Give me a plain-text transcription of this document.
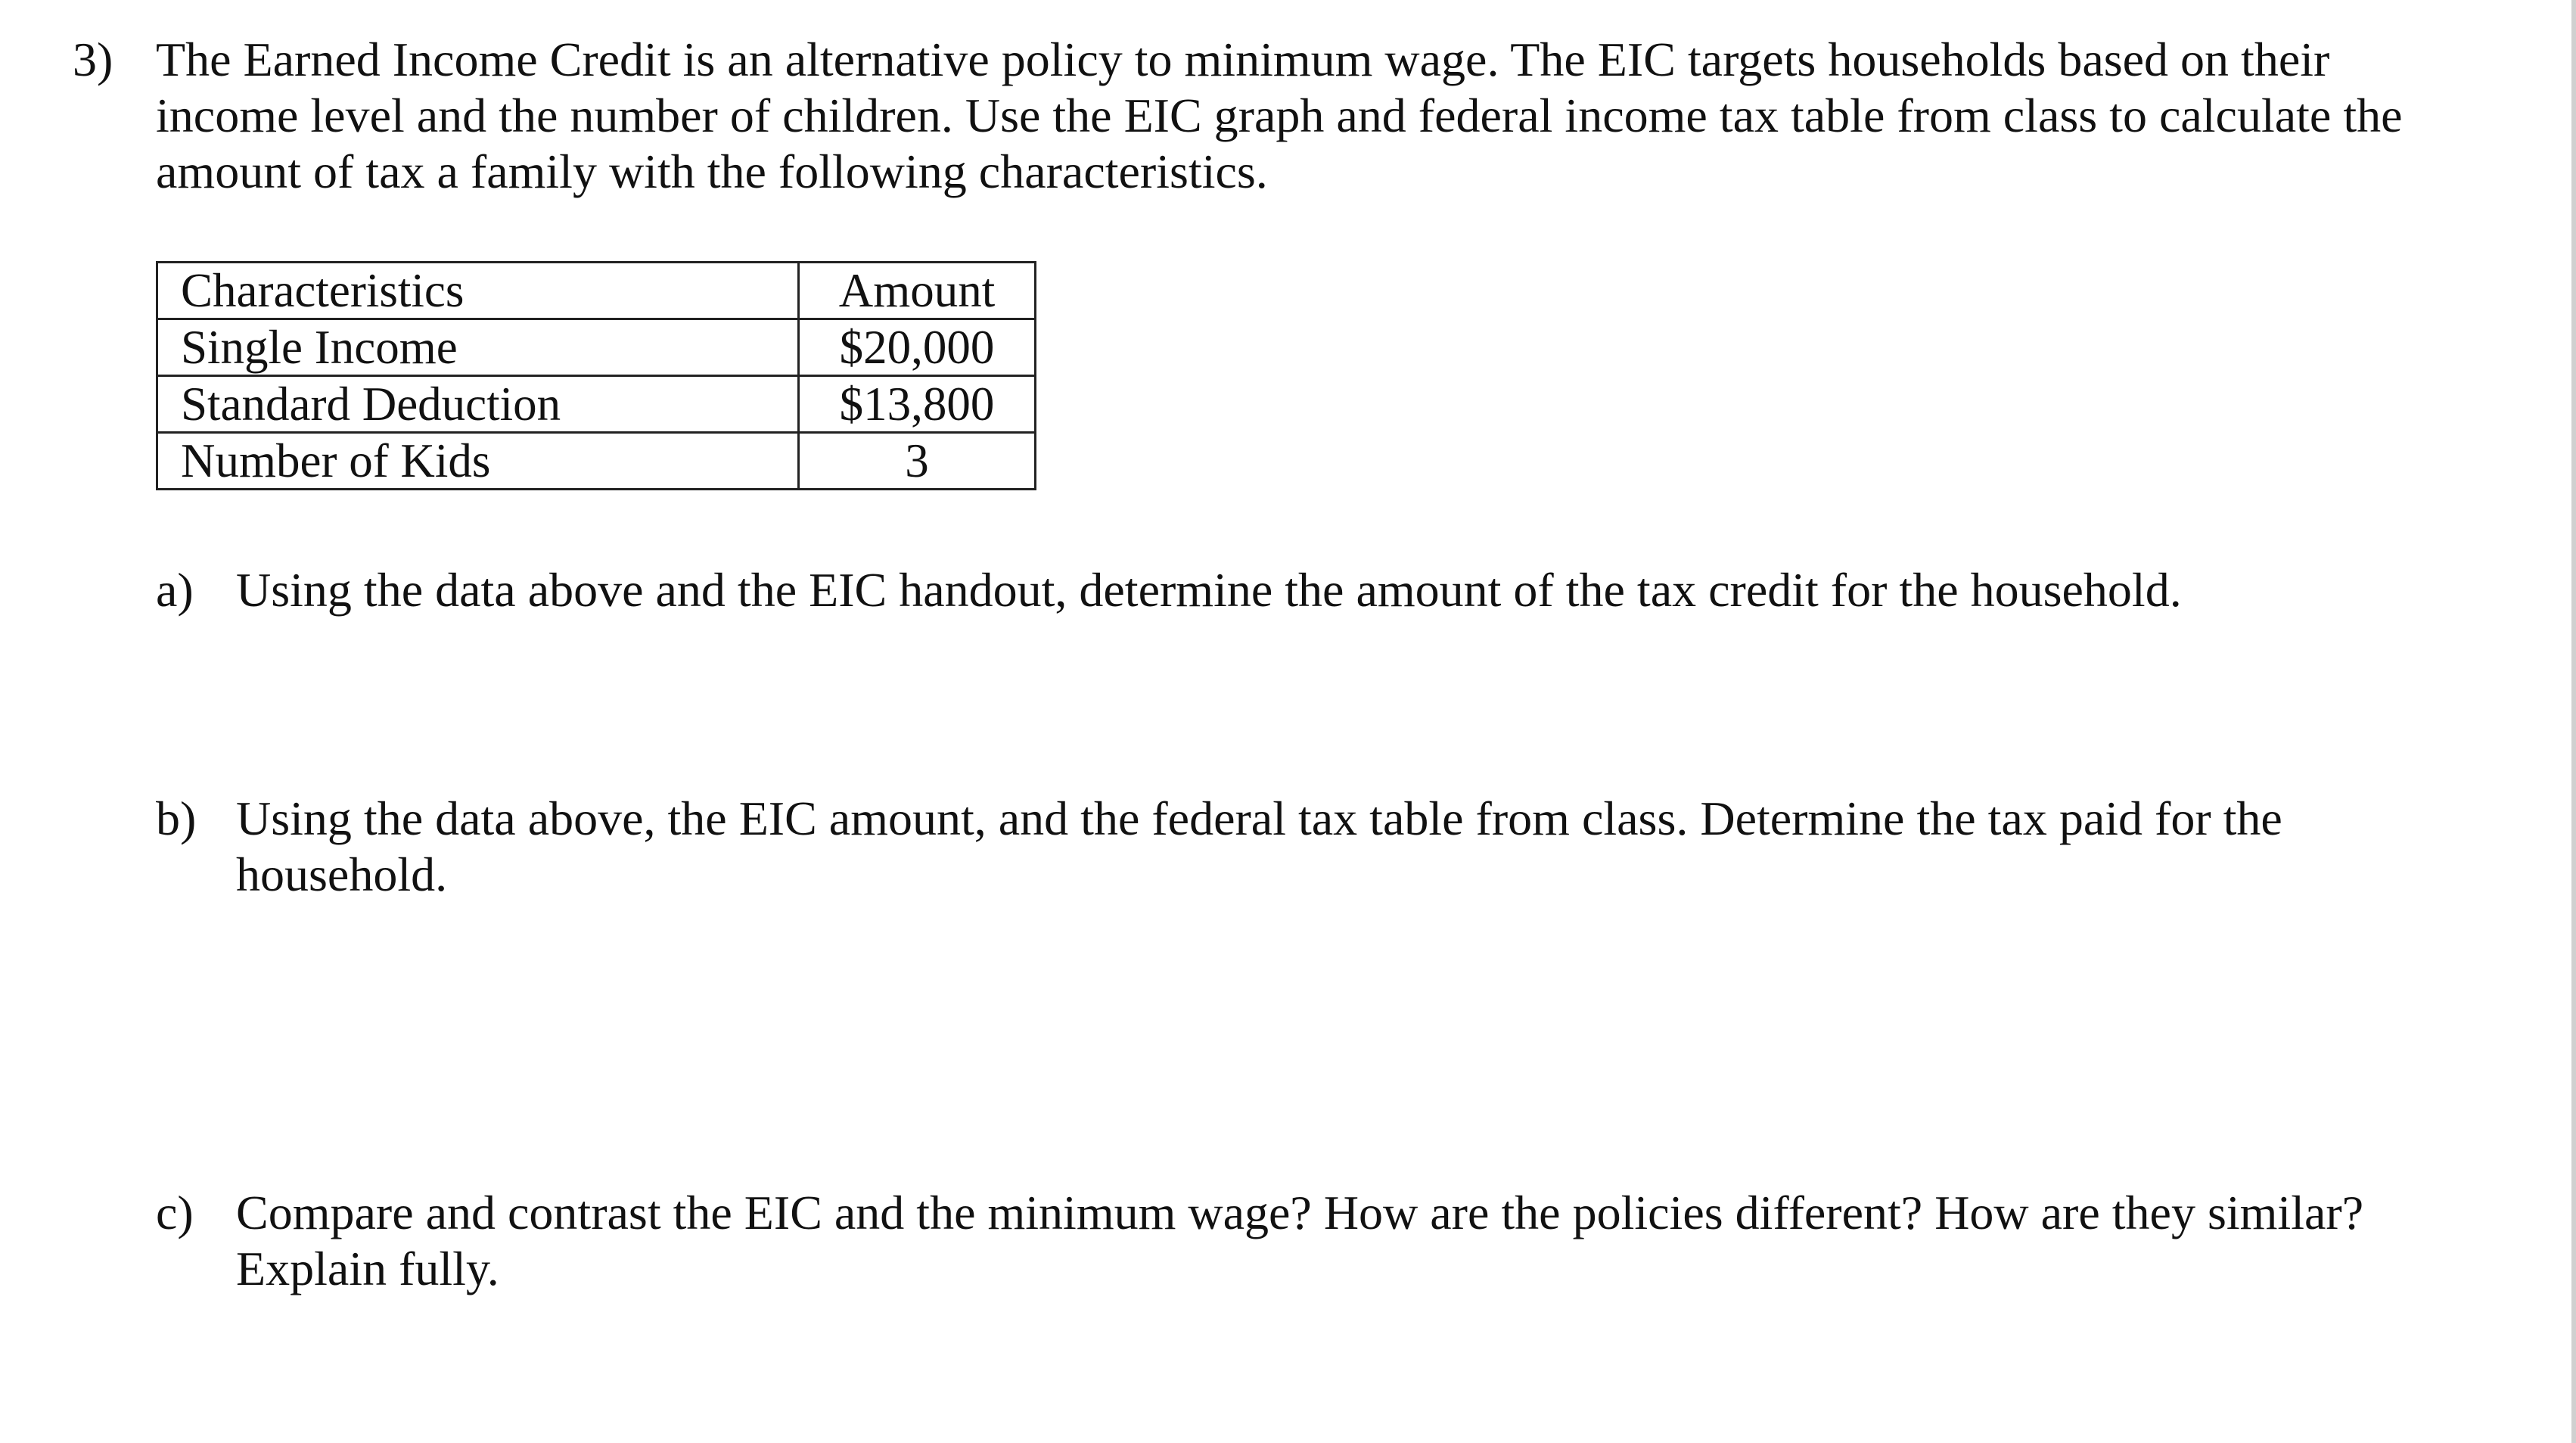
3) The Earned Income Credit is an alternative policy to minimum wage. The EIC targets households based on their
income level and the number of children. Use the EIC graph and federal income tax table from class to calculate the
amount of tax a family with the following characteristics.
Characteristics	Amount
Single Income	$20,000
Standard Deduction	$13,800
Number of Kids	3
a) Using the data above and the EIC handout, determine the amount of the tax credit for the household.
b) Using the data above, the EIC amount, and the federal tax table from class. Determine the tax paid for the
household.
c) Compare and contrast the EIC and the minimum wage? How are the policies different? How are they similar?
Explain fully.
